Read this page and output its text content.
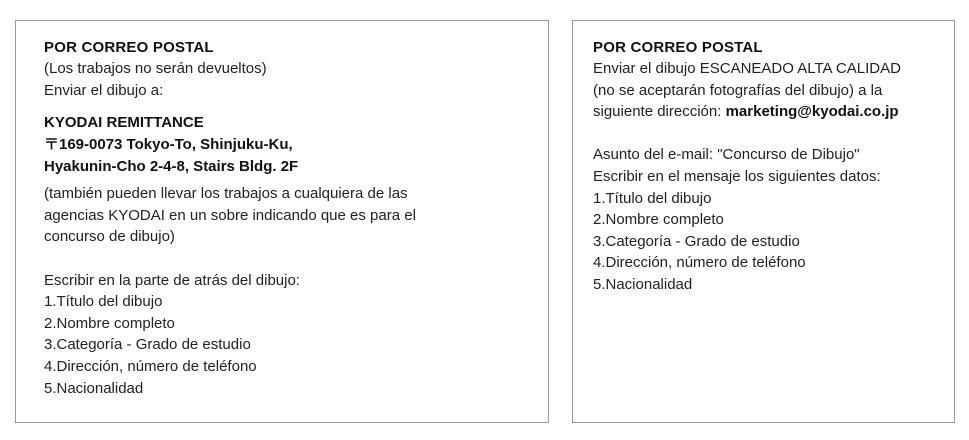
POR CORREO POSTAL
(Los trabajos no serán devueltos)
Enviar el dibujo a:
KYODAI REMITTANCE
〒169-0073 Tokyo-To, Shinjuku-Ku,
Hyakunin-Cho 2-4-8, Stairs Bldg. 2F
(también pueden llevar los trabajos a cualquiera de las
agencias KYODAI en un sobre indicando que es para el
concurso de dibujo)
Escribir en la parte de atrás del dibujo:
1.Título del dibujo
2.Nombre completo
3.Categoría - Grado de estudio
4.Dirección, número de teléfono
5.Nacionalidad
POR CORREO POSTAL
Enviar el dibujo ESCANEADO ALTA CALIDAD
(no se aceptarán fotografías del dibujo) a la
siguiente dirección: marketing@kyodai.co.jp
Asunto del e-mail: "Concurso de Dibujo"
Escribir en el mensaje los siguientes datos:
1.Título del dibujo
2.Nombre completo
3.Categoría - Grado de estudio
4.Dirección, número de teléfono
5.Nacionalidad
